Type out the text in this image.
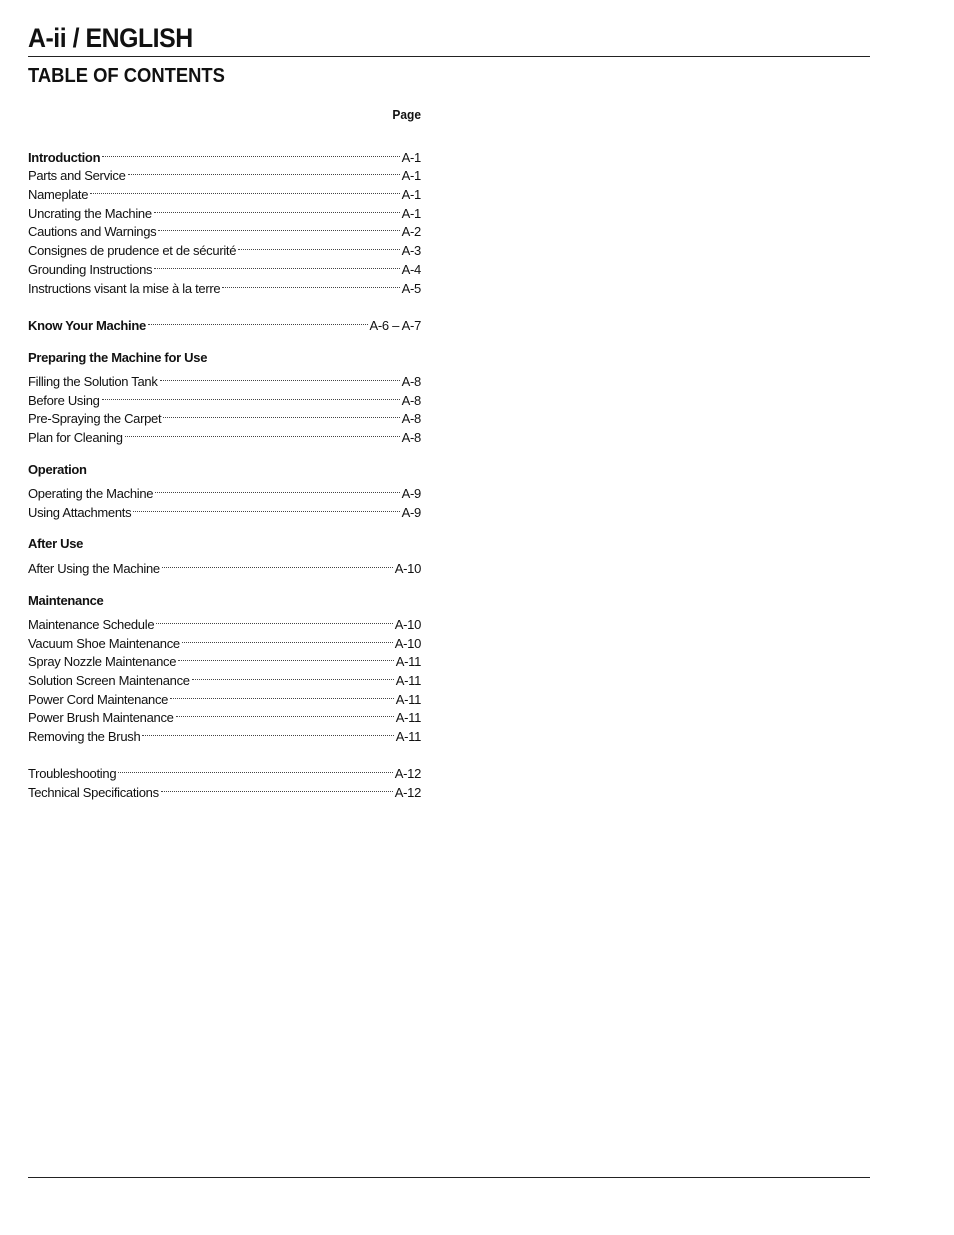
A-ii / ENGLISH
TABLE OF CONTENTS
Page
Introduction	A-1
Parts and Service	A-1
Nameplate	A-1
Uncrating the Machine	A-1
Cautions and Warnings	A-2
Consignes de prudence et de sécurité	A-3
Grounding Instructions	A-4
Instructions visant la mise à la terre	A-5
Know Your Machine	A-6 – A-7
Preparing the Machine for Use
Filling the Solution Tank	A-8
Before Using	A-8
Pre-Spraying the Carpet	A-8
Plan for Cleaning	A-8
Operation
Operating the Machine	A-9
Using Attachments	A-9
After Use
After Using the Machine	A-10
Maintenance
Maintenance Schedule	A-10
Vacuum Shoe Maintenance	A-10
Spray Nozzle Maintenance	A-11
Solution Screen Maintenance	A-11
Power Cord Maintenance	A-11
Power Brush Maintenance	A-11
Removing the Brush	A-11
Troubleshooting	A-12
Technical Specifications	A-12
